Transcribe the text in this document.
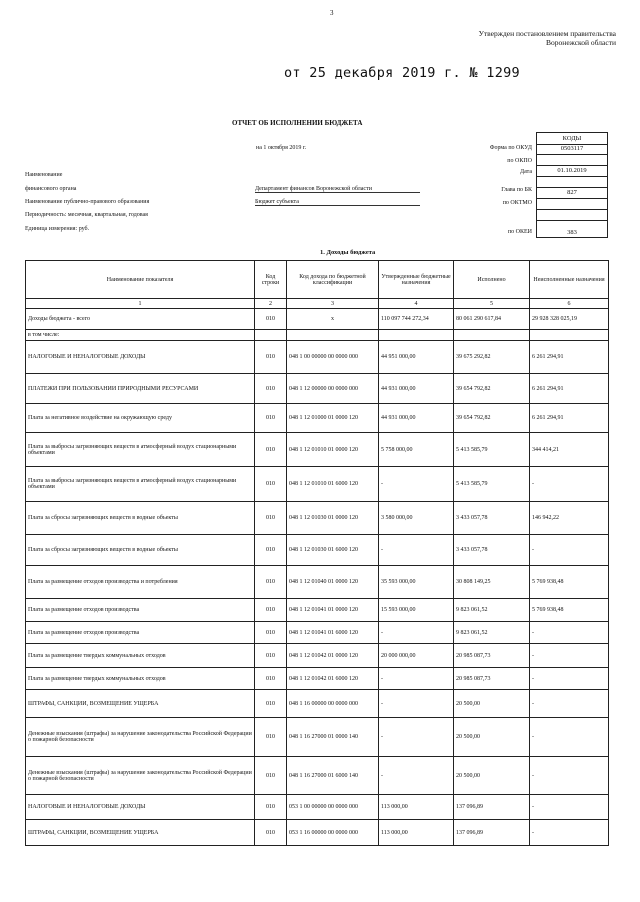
3
Утвержден постановлением правительства Воронежской области
от 25 декабря 2019 г. № 1299
ОТЧЕТ ОБ ИСПОЛНЕНИИ БЮДЖЕТА
на 1 октября 2019 г.
Наименование
финансового органа	Департамент финансов Воронежской области
Наименование публично-правового образования	Бюджет субъекта
Периодичность: месячная, квартальная, годовая
Единица измерения: руб.
КОДЫ
Форма по ОКУД	0503117
по ОКПО
Дата	01.10.2019
Глава по БК	827
по ОКТМО
по ОКЕИ	383
1. Доходы бюджета
Наименование показателя	Код строки	Код дохода по бюджетной классификации	Утвержденные бюджетные назначения	Исполнено	Неисполненные назначения
1	2	3	4	5	6
Доходы бюджета - всего	010	x	110 097 744 272,34	80 061 290 617,84	29 928 328 025,19
в том числе:					
НАЛОГОВЫЕ И НЕНАЛОГОВЫЕ ДОХОДЫ	010	048 1 00 00000 00 0000 000	44 951 000,00	39 675 292,82	6 261 294,91
ПЛАТЕЖИ ПРИ ПОЛЬЗОВАНИИ ПРИРОДНЫМИ РЕСУРСАМИ	010	048 1 12 00000 00 0000 000	44 931 000,00	39 654 792,82	6 261 294,91
Плата за негативное воздействие на окружающую среду	010	048 1 12 01000 01 0000 120	44 931 000,00	39 654 792,82	6 261 294,91
Плата за выбросы загрязняющих веществ в атмосферный воздух стационарными объектами	010	048 1 12 01010 01 0000 120	5 758 000,00	5 413 585,79	344 414,21
Плата за выбросы загрязняющих веществ в атмосферный воздух стационарными объектами	010	048 1 12 01010 01 6000 120	-	5 413 585,79	-
Плата за сбросы загрязняющих веществ в водные объекты	010	048 1 12 01030 01 0000 120	3 580 000,00	3 433 057,78	146 942,22
Плата за сбросы загрязняющих веществ в водные объекты	010	048 1 12 01030 01 6000 120	-	3 433 057,78	-
Плата за размещение отходов производства и потребления	010	048 1 12 01040 01 0000 120	35 593 000,00	30 808 149,25	5 769 938,48
Плата за размещение отходов производства	010	048 1 12 01041 01 0000 120	15 593 000,00	9 823 061,52	5 769 938,48
Плата за размещение отходов производства	010	048 1 12 01041 01 6000 120	-	9 823 061,52	-
Плата за размещение твердых коммунальных отходов	010	048 1 12 01042 01 0000 120	20 000 000,00	20 985 087,73	-
Плата за размещение твердых коммунальных отходов	010	048 1 12 01042 01 6000 120	-	20 985 087,73	-
ШТРАФЫ, САНКЦИИ, ВОЗМЕЩЕНИЕ УЩЕРБА	010	048 1 16 00000 00 0000 000	-	20 500,00	-
Денежные взыскания (штрафы) за нарушение законодательства Российской Федерации о пожарной безопасности	010	048 1 16 27000 01 0000 140	-	20 500,00	-
Денежные взыскания (штрафы) за нарушение законодательства Российской Федерации о пожарной безопасности	010	048 1 16 27000 01 6000 140	-	20 500,00	-
НАЛОГОВЫЕ И НЕНАЛОГОВЫЕ ДОХОДЫ	010	053 1 00 00000 00 0000 000	113 000,00	137 096,89	-
ШТРАФЫ, САНКЦИИ, ВОЗМЕЩЕНИЕ УЩЕРБА	010	053 1 16 00000 00 0000 000	113 000,00	137 096,89	-
